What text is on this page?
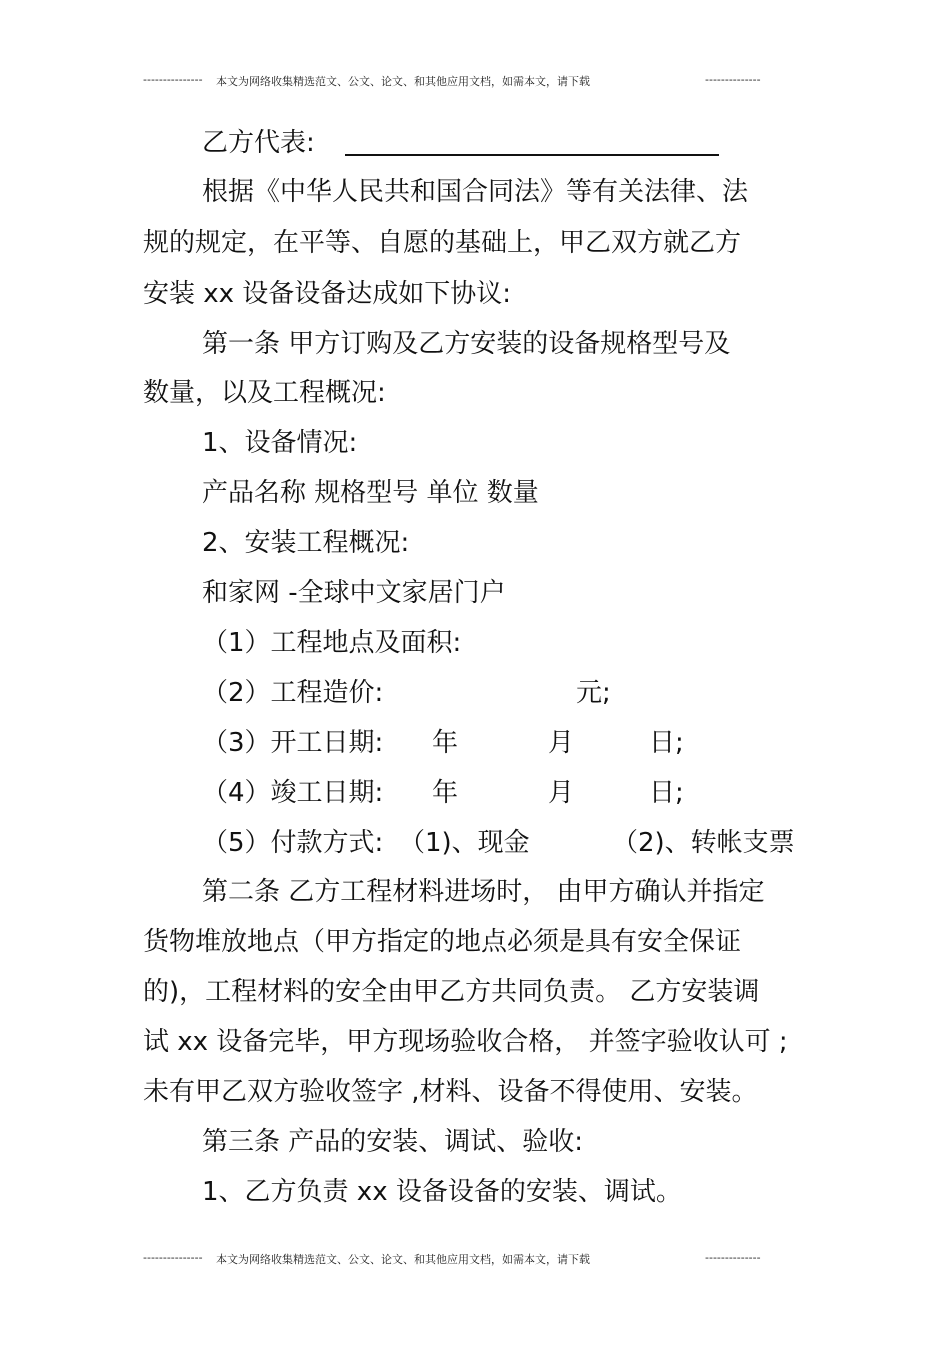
--------------- 本文为网络收集精选范文、公文、论文、和其他应用文档，如需本文，请下载	--------------
乙方代表:
根据《中华人民共和国合同法》等有关法律、法
规的规定，在平等、自愿的基础上，甲乙双方就乙方
安装 xx 设备设备达成如下协议:
第一条 甲方订购及乙方安装的设备规格型号及
数量，以及工程概况:
1、设备情况:
产品名称 规格型号 单位 数量
2、安装工程概况:
和家网 -全球中文家居门户
（1）工程地点及面积:
（2）工程造价:	元;
（3）开工日期: 年	月	日;
（4）竣工日期: 年	月	日;
（5）付款方式: （1)、现金	（2)、转帐支票
第二条 乙方工程材料进场时， 由甲方确认并指定
货物堆放地点（甲方指定的地点必须是具有安全保证
的)，工程材料的安全由甲乙方共同负责。 乙方安装调
试 xx 设备完毕，甲方现场验收合格， 并签字验收认可 ;
未有甲乙双方验收签字 ,材料、设备不得使用、安装。
第三条 产品的安装、调试、验收:
1、乙方负责 xx 设备设备的安装、调试。
--------------- 本文为网络收集精选范文、公文、论文、和其他应用文档，如需本文，请下载	--------------
